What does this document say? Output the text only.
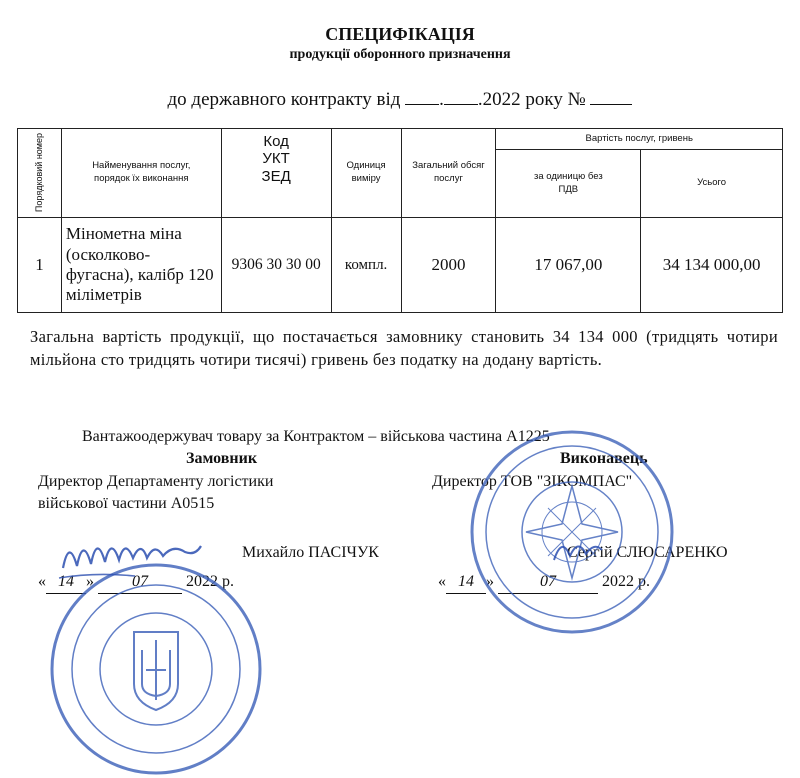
СПЕЦИФІКАЦІЯ
продукції оборонного призначення
до державного контракту від . .2022 року №
Порядковий номер	Найменування послуг, порядок їх виконання	Код УКТ ЗЕД	Одиниця виміру	Загальний обсяг послуг	Вартість послуг, гривень	
					за одиницю без ПДВ	Усього
1	Мінометна міна (осколково-фугасна), калібр 120 міліметрів	9306 30 30 00	компл.	2000	17 067,00	34 134 000,00
Загальна вартість продукції, що постачається замовнику становить 34 134 000 (тридцять чотири мільйона сто тридцять чотири тисячі) гривень без податку на додану вартість.
Вантажоодержувач товару за Контрактом – військова частина А1225
Замовник
Директор Департаменту логістики
військової частини А0515
Михайло ПАСІЧУК
« 14 » 07 2022 р.
Виконавець
Директор ТОВ "ЗІКОМПАС"
Сергій СЛЮСАРЕНКО
« 14 »	07	2022 р.
